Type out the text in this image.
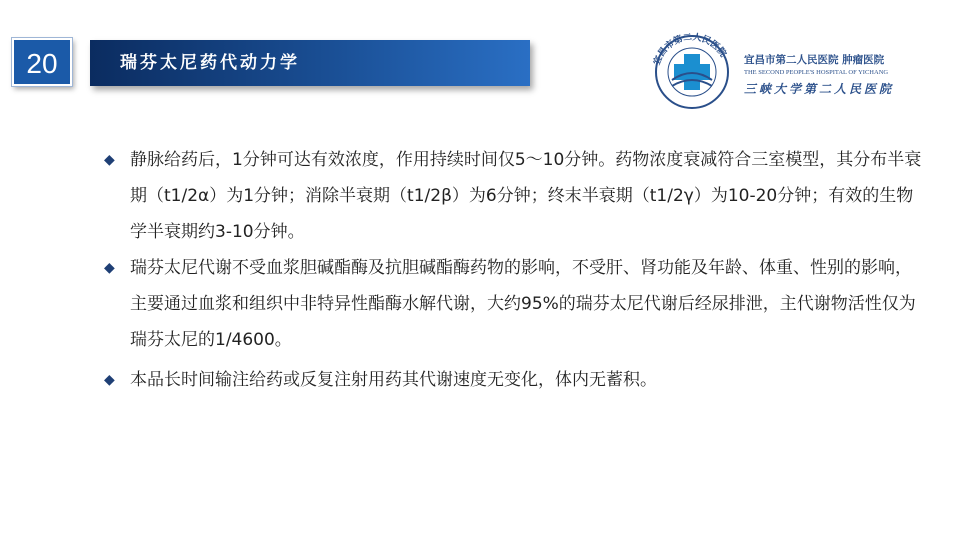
20	瑞芬太尼药代动力学	宜昌市第二人民医院
宜昌市第二人民医院 肿瘤医院
THE SECOND PEOPLE'S HOSPITAL OF YICHANG
三峡大学第二人民医院
◆ 静脉给药后，1分钟可达有效浓度，作用持续时间仅5～10分钟。药物浓度衰减符合三室模型，其分布半衰期（t1/2α）为1分钟；消除半衰期（t1/2β）为6分钟；终末半衰期（t1/2γ）为10-20分钟；有效的生物学半衰期约3-10分钟。
◆ 瑞芬太尼代谢不受血浆胆碱酯酶及抗胆碱酯酶药物的影响，不受肝、肾功能及年龄、体重、性别的影响，主要通过血浆和组织中非特异性酯酶水解代谢，大约95%的瑞芬太尼代谢后经尿排泄，主代谢物活性仅为瑞芬太尼的1/4600。
◆ 本品长时间输注给药或反复注射用药其代谢速度无变化，体内无蓄积。
